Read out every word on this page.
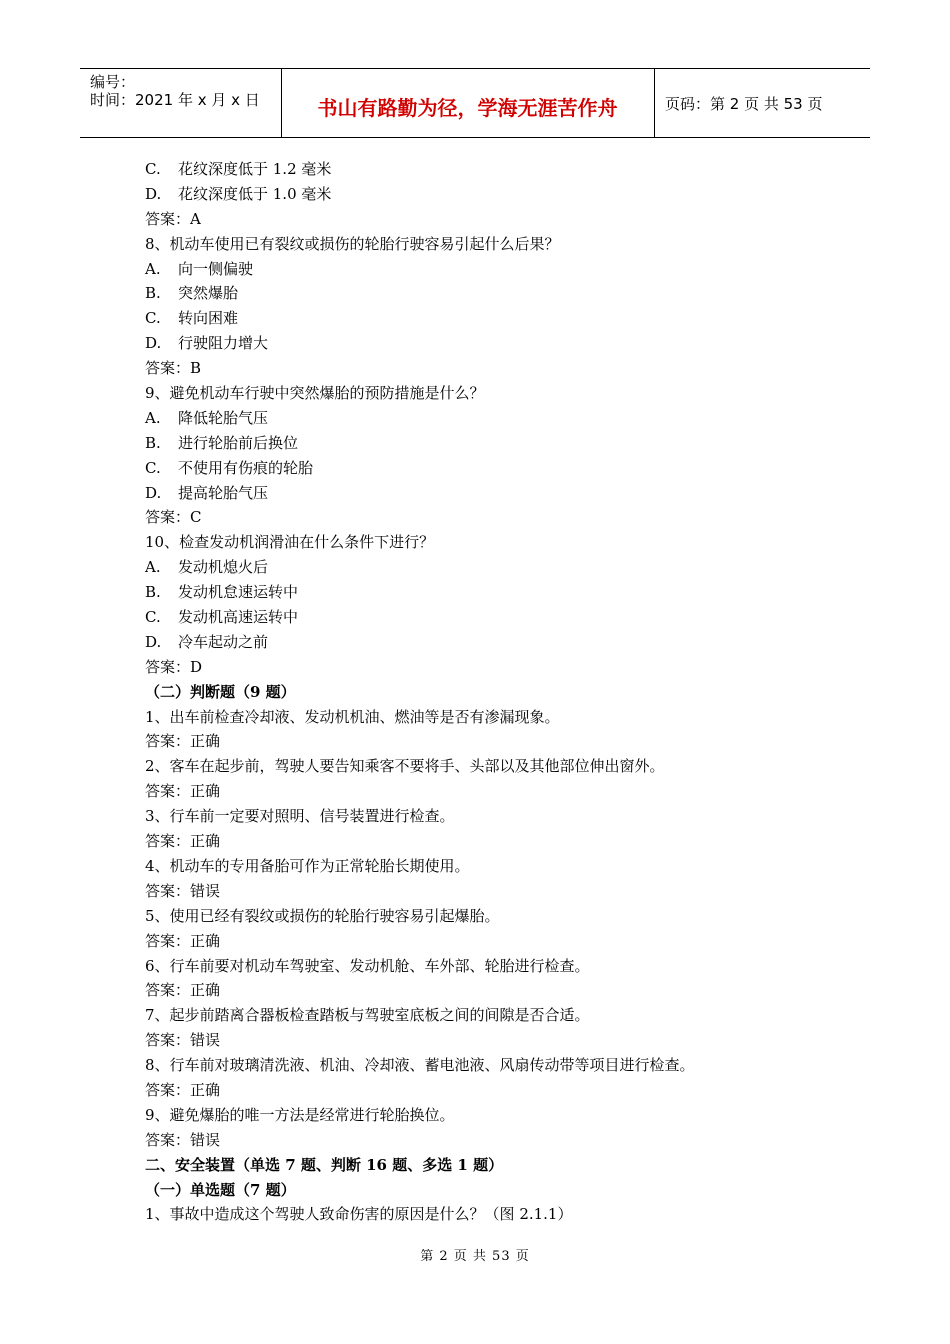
编号：
时间：2021 年 x 月 x 日	书山有路勤为径，学海无涯苦作舟	页码：第 2 页 共 53 页
C. 花纹深度低于 1.2 毫米
D. 花纹深度低于 1.0 毫米
答案：A
8、机动车使用已有裂纹或损伤的轮胎行驶容易引起什么后果？
A. 向一侧偏驶
B. 突然爆胎
C. 转向困难
D. 行驶阻力增大
答案：B
9、避免机动车行驶中突然爆胎的预防措施是什么？
A. 降低轮胎气压
B. 进行轮胎前后换位
C. 不使用有伤痕的轮胎
D. 提高轮胎气压
答案：C
10、检查发动机润滑油在什么条件下进行？
A. 发动机熄火后
B. 发动机怠速运转中
C. 发动机高速运转中
D. 冷车起动之前
答案：D
（二）判断题（9 题）
1、出车前检查冷却液、发动机机油、燃油等是否有渗漏现象。
答案：正确
2、客车在起步前，驾驶人要告知乘客不要将手、头部以及其他部位伸出窗外。
答案：正确
3、行车前一定要对照明、信号装置进行检查。
答案：正确
4、机动车的专用备胎可作为正常轮胎长期使用。
答案：错误
5、使用已经有裂纹或损伤的轮胎行驶容易引起爆胎。
答案：正确
6、行车前要对机动车驾驶室、发动机舱、车外部、轮胎进行检查。
答案：正确
7、起步前踏离合器板检查踏板与驾驶室底板之间的间隙是否合适。
答案：错误
8、行车前对玻璃清洗液、机油、冷却液、蓄电池液、风扇传动带等项目进行检查。
答案：正确
9、避免爆胎的唯一方法是经常进行轮胎换位。
答案：错误
二、安全装置（单选 7 题、判断 16 题、多选 1 题）
（一）单选题（7 题）
1、事故中造成这个驾驶人致命伤害的原因是什么？（图 2.1.1）
第 2 页 共 53 页
